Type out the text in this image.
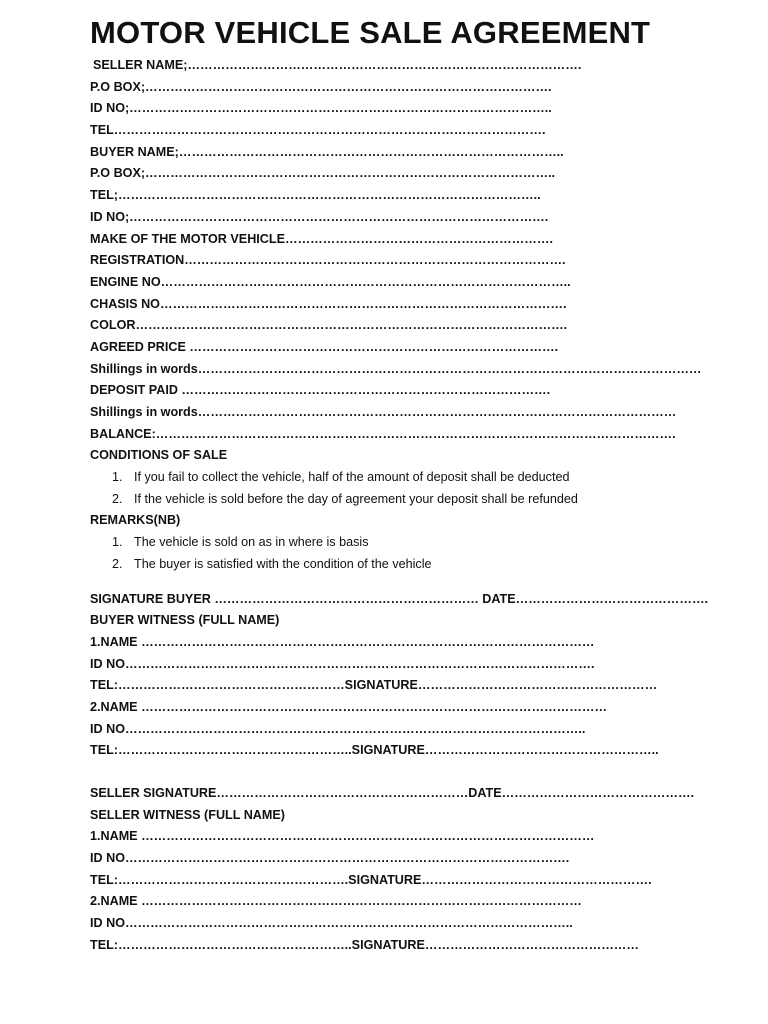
MOTOR VEHICLE SALE AGREEMENT
SELLER NAME;………………………………………………………………………………….
P.O BOX;…………………………………………………………………………………….
ID NO;………………………………………………………………………………………..
TEL………………………………………………………………………………………….
BUYER NAME;………………………………………………………………………………..
P.O BOX;……………………………………………………………………………………..
TEL;………………………………………………………………………………………..
ID NO;……………………………………………………………………………………….
MAKE OF THE MOTOR VEHICLE……………………………………………………….
REGISTRATION……………………………………………………………………………….
ENGINE NO……………………………………………………………………………………..
CHASIS NO…………………………………………………………………………………….
COLOR………………………………………………………………………………………….
AGREED PRICE …………………………………………………………………………….
Shillings in words…………………………………………………………………………………………………………
DEPOSIT PAID …………………………………………………………………………….
Shillings in words……………………………………………………………………………………………………
BALANCE:…………………………………………………………………………………………………………….
CONDITIONS OF SALE
1. If you fail to collect the vehicle, half of the amount of deposit shall be deducted
2. If the vehicle is sold before the day of agreement your deposit shall be refunded
REMARKS(NB)
1. The vehicle is sold on as in where is basis
2. The buyer is satisfied with the condition of the vehicle
SIGNATURE BUYER ……………………………………………………… DATE……………………………………….
BUYER WITNESS (FULL NAME)
1.NAME ………………………………………………………………………………………………
ID NO………………………………………………………………………………………………….
TEL:………………………………………………SIGNATURE…………………………………………………
2.NAME …………………………………………………………………………………………………
ID NO………………………………………………………………………………………………..
TEL:………………………………………………..SIGNATURE………………………………………………..
SELLER SIGNATURE……………………………………………………DATE……………………………………….
SELLER WITNESS (FULL NAME)
1.NAME ………………………………………………………………………………………………
ID NO…………………………………………………………………………………………….
TEL:……………………………………………….SIGNATURE……………………………………………….
2.NAME ……………………………………………………………………………………………
ID NO……………………………………………………………………………………………..
TEL:………………………………………………..SIGNATURE……………………………………………
